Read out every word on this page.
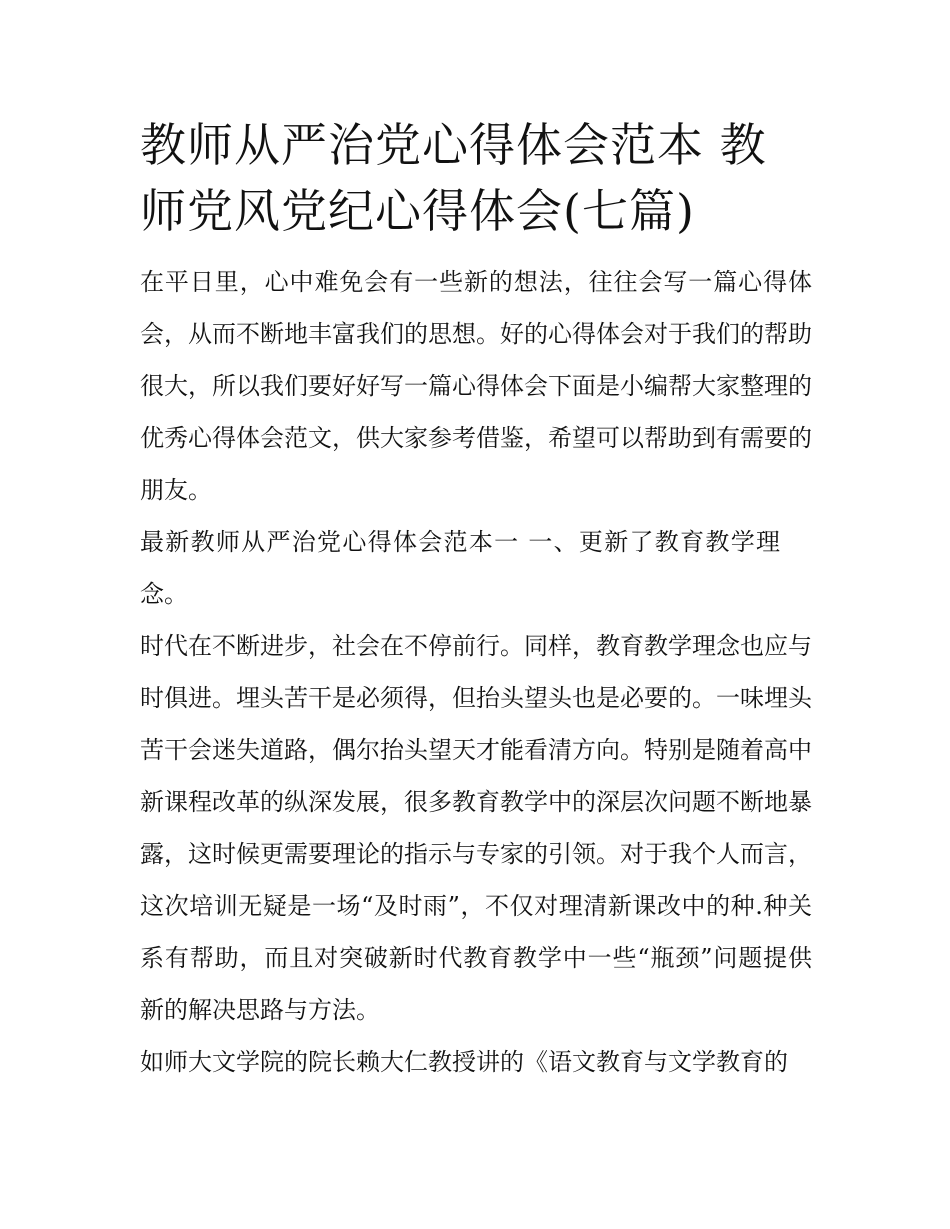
教师从严治党心得体会范本 教师党风党纪心得体会(七篇)

在平日里，心中难免会有一些新的想法，往往会写一篇心得体会，从而不断地丰富我们的思想。好的心得体会对于我们的帮助很大，所以我们要好好写一篇心得体会下面是小编帮大家整理的优秀心得体会范文，供大家参考借鉴，希望可以帮助到有需要的朋友。

最新教师从严治党心得体会范本一 一、更新了教育教学理念。

时代在不断进步，社会在不停前行。同样，教育教学理念也应与时俱进。埋头苦干是必须得，但抬头望头也是必要的。一味埋头苦干会迷失道路，偶尔抬头望天才能看清方向。特别是随着高中新课程改革的纵深发展，很多教育教学中的深层次问题不断地暴露，这时候更需要理论的指示与专家的引领。对于我个人而言，这次培训无疑是一场“及时雨”，不仅对理清新课改中的种.种关系有帮助，而且对突破新时代教育教学中一些“瓶颈”问题提供新的解决思路与方法。

如师大文学院的院长赖大仁教授讲的《语文教育与文学教育的
